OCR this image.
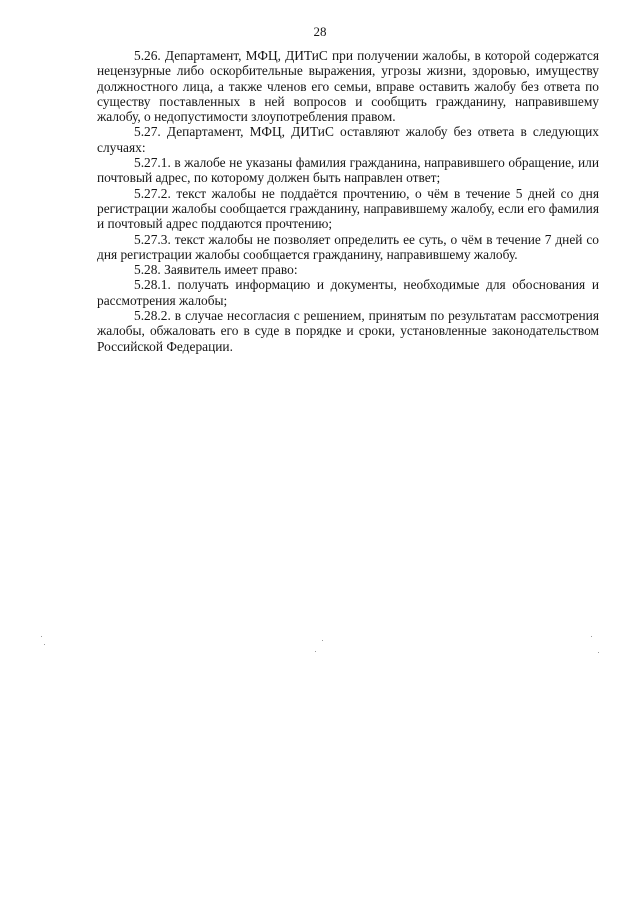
28

5.26. Департамент, МФЦ, ДИТиС при получении жалобы, в которой содержатся нецензурные либо оскорбительные выражения, угрозы жизни, здоровью, имуществу должностного лица, а также членов его семьи, вправе оставить жалобу без ответа по существу поставленных в ней вопросов и сообщить гражданину, направившему жалобу, о недопустимости злоупотребления правом.

5.27. Департамент, МФЦ, ДИТиС оставляют жалобу без ответа в следующих случаях:

5.27.1. в жалобе не указаны фамилия гражданина, направившего обращение, или почтовый адрес, по которому должен быть направлен ответ;

5.27.2. текст жалобы не поддаётся прочтению, о чём в течение 5 дней со дня регистрации жалобы сообщается гражданину, направившему жалобу, если его фамилия и почтовый адрес поддаются прочтению;

5.27.3. текст жалобы не позволяет определить ее суть, о чём в течение 7 дней со дня регистрации жалобы сообщается гражданину, направившему жалобу.

5.28. Заявитель имеет право:

5.28.1. получать информацию и документы, необходимые для обоснования и рассмотрения жалобы;

5.28.2. в случае несогласия с решением, принятым по результатам рассмотрения жалобы, обжаловать его в суде в порядке и сроки, установленные законодательством Российской Федерации.
